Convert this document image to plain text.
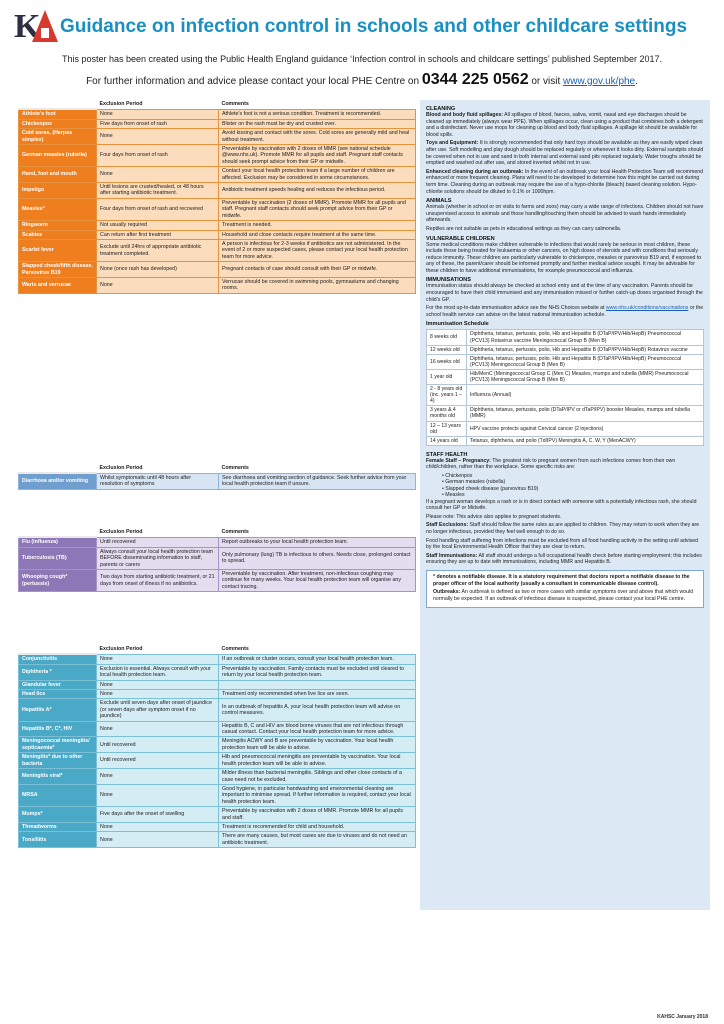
K Guidance on infection control in schools and other childcare settings
This poster has been created using the Public Health England guidance ‘Infection control in schools and childcare settings’ published September 2017.
For further information and advice please contact your local PHE Centre on 0344 225 0562 or visit www.gov.uk/phe.
Rashes & Skin infections	Exclusion Period	Comments
Athlete's foot	None	Athlete's foot is not a serious condition. Treatment is recommended.
Chickenpox	Five days from onset of rash	Blister on the rash must be dry and crusted over.
Cold sores, (Herpes simplex)	None	Avoid kissing and contact with the sores. Cold sores are generally mild and heal without treatment.
German measles (rubella)	Four days from onset of rash	Preventable by vaccination with 2 doses of MMR (see national schedule @www.nhs.uk). Promote MMR for all pupils and staff. Pregnant staff contacts should seek prompt advice from their GP or midwife.
Hand, foot and mouth	None	Contact your local health protection team if a large number of children are affected. Exclusion may be considered in some circumstances.
Impetigo	Until lesions are crusted/healed, or 48 hours after starting antibiotic treatment.	Antibiotic treatment speeds healing and reduces the infectious period.
Measles*	Four days from onset of rash and recovered	Preventable by vaccination (2 doses of MMR). Promote MMR for all pupils and staff. Pregnant staff contacts should seek prompt advice from their GP or midwife.
Ringworm	Not usually required	Treatment is needed.
Scabies	Can return after first treatment	Household and close contacts require treatment at the same time.
Scarlet fever	Exclude until 24hrs of appropriate antibiotic treatment completed.	A person is infectious for 2-3 weeks if antibiotics are not administered. In the event of 2 or more suspected cases, please contact your local health protection team for more advice.
Slapped cheek/fifth disease. Parvovirus B19	None (once rash has developed)	Pregnant contacts of case should consult with their GP or midwife.
Warts and verrucae	None	Verrucae should be covered in swimming pools, gymnasiums and changing rooms.
Diarrhoea & Vomiting Illness	Exclusion Period	Comments
Diarrhoea and/or vomiting	Whilst symptomatic until 48 hours after resolution of symptoms	See diarrhoea and vomiting section of guidance. Seek further advice from your local health protection team if unsure.
Respiratory Infections	Exclusion Period	Comments
Flu (influenza)	Until recovered	Report outbreaks to your local health protection team.
Tuberculosis (TB)	Always consult your local health protection team BEFORE disseminating information to staff, parents or carers	Only pulmonary (lung) TB is infectious to others. Needs close, prolonged contact to spread.
Whooping cough* (pertussis)	Two days from starting antibiotic treatment, or 21 days from onset of illness if no antibiotics.	Preventable by vaccination. After treatment, non-infectious coughing may continue for many weeks. Your local health protection team will organise any contact tracing.
Other Infections	Exclusion Period	Comments
Conjunctivitis	None	If an outbreak or cluster occurs, consult your local health protection team.
Diphtheria *	Exclusion is essential. Always consult with your local health protection team.	Preventable by vaccination. Family contacts must be excluded until cleared to return by your local health protection team.
Glandular fever	None	
Head lice	None	Treatment only recommended when live lice are seen.
Hepatitis A*	Exclude until seven days after onset of jaundice (or seven days after symptom onset if no jaundice)	In an outbreak of hepatitis A, your local health protection team will advise on control measures.
Hepatitis B*, C*, HIV	None	Hepatitis B, C and HIV are blood borne viruses that are not infectious through casual contact. Contact your local health protection team for more advice.
Meningococcal meningitis/ septicaemia*	Until recovered	Meningitis ACWY and B are preventable by vaccination. Your local health protection team will be able to advise.
Meningitis* due to other bacteria	Until recovered	Hib and pneumococcal meningitis are preventable by vaccination. Your local health protection team will be able to advise.
Meningitis viral*	None	Milder illness than bacterial meningitis. Siblings and other close contacts of a case need not be excluded.
MRSA	None	Good hygiene, in particular handwashing and environmental cleaning are important to minimise spread. If further information is required, contact your local health protection team.
Mumps*	Five days after the onset of swelling	Preventable by vaccination with 2 doses of MMR. Promote MMR for all pupils and staff.
Threadworms	None	Treatment is recommended for child and household.
Tonsillitis	None	There are many causes, but most cases are due to viruses and do not need an antibiotic treatment.
CLEANING
Blood and body fluid spillages: All spillages of blood, faeces, saliva, vomit, nasal and eye discharges should be cleaned up immediately (always wear PPE). When spillages occur, clean using a product that combines both a detergent and a disinfectant. Never use mops for cleaning up blood and body fluid spillages. A spillage kit should be available for blood spills.
Toys and Equipment: It is strongly recommended that only hard toys should be available as they are easily wiped clean after use. Soft modelling and play dough should be replaced regularly or whenever it looks dirty. External sandpits should be covered when not in use and sand in both internal and external sand pits replaced regularly. Water troughs should be emptied and washed out after use, and stored inverted whilst not in use.
Enhanced cleaning during an outbreak: In the event of an outbreak your local Health Protection Team will recommend enhanced or more frequent cleaning. Plans will need to be developed to determine how this might be carried out during term time. Cleaning during an outbreak may require the use of a hypo-chlorite (bleach) based cleaning solution. Hypo-chlorite solutions should be diluted to 0.1% or 1000hpm.
ANIMALS
Animals (whether in school or on visits to farms and zoos) may carry a wide range of infections. Children should not have unsupervised access to animals and those handling/touching them should be advised to wash hands immediately afterwards.
Reptiles are not suitable as pets in educational settings as they can carry salmonella.
VULNERABLE CHILDREN
Some medical conditions make children vulnerable to infections that would rarely be serious in most children, these include those being treated for leukaemia or other cancers, on high doses of steroids and with conditions that seriously reduce immunity. These children are particularly vulnerable to chickenpox, measles or parvovirus B19 and, if exposed to any of these, the parent/carer should be informed promptly and further medical advice sought. It may be advisable for these children to have additional immunisations, for example pneumococcal and influenza.
IMMUNISATIONS
Immunisation status should always be checked at school entry and at the time of any vaccination. Parents should be encouraged to have their child immunised and any immunisation missed or further catch-up doses organised through the child’s GP.
For the most up-to-date immunisation advice see the NHS Choices website at www.nhs.uk/conditions/vaccinations or the school health service can advise on the latest national immunisation schedule.
Immunisation Schedule
8 weeks old	Diphtheria, tetanus, pertussis, polio, Hib and Hepatitis B (DTaP/IPV/Hib/HepB) Pneumococcal (PCV13) Rotavirus vaccine Meningococcal Group B (Men B)
12 weeks old	Diphtheria, tetanus, pertussis, polio, Hib and Hepatitis B (DTaP/IPV/Hib/HepB) Rotavirus vaccine
16 weeks old	Diphtheria, tetanus, pertussis, polio, Hib and Hepatitis B (DTaP/IPV/Hib/HepB) Pneumococcal (PCV13) Meningococcal Group B (Men B)
1 year old	Hib/MenC (Meningococcal Group C (Men C) Measles, mumps and rubella (MMR) Pneumococcal (PCV13) Meningococcal Group B (Men B)
2 - 8 years old (inc. years 1 – 4)	Influenza (Annual)
3 years & 4 months old	Diphtheria, tetanus, pertussis, polio (DTaP/IPV or dTaP/IPV) booster Measles, mumps and rubella (MMR)
12 – 13 years old	HPV vaccine protects against Cervical cancer (2 injections)
14 years old	Tetanus, diphtheria, and polio (Td/IPV) Meningitis A, C, W, Y (MenACWY)
STAFF HEALTH
Female Staff – Pregnancy: The greatest risk to pregnant women from such infections comes from their own child/children, rather than the workplace. Some specific risks are:
• Chickenpox
• German measles (rubella)
• Slapped cheek disease (parvovirus B19)
• Measles
If a pregnant woman develops a rash or is in direct contact with someone with a potentially infectious rash, she should consult her GP or Midwife.
Please note: This advice also applies to pregnant students.
Staff Exclusions: Staff should follow the same rules as are applied to children. They may return to work when they are no longer infectious, provided they feel well enough to do so.
Food handling staff suffering from infections must be excluded from all food handling activity in the setting until advised by the local Environmental Health Officer that they are clear to return.
Staff Immunisations: All staff should undergo a full occupational health check before starting employment; this includes ensuring they are up to date with immunisations, including MMR and Hepatitis B.
* denotes a notifiable disease. It is a statutory requirement that doctors report a notifiable disease to the proper officer of the local authority (usually a consultant in communicable disease control).
Outbreaks: An outbreak is defined as two or more cases with similar symptoms over and above that which would normally be expected. If an outbreak of infectious disease is suspected, please contact your local PHE centre.
KAHSC January 2018
